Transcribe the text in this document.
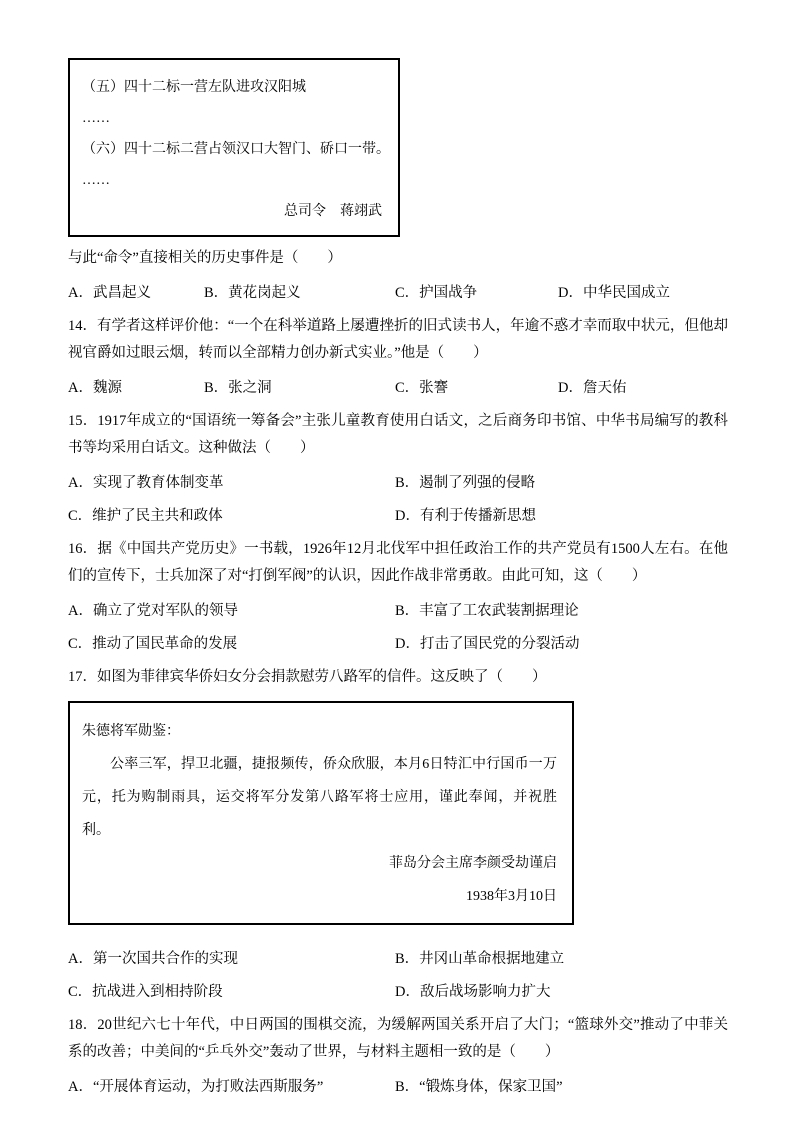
（五）四十二标一营左队进攻汉阳城

……

（六）四十二标二营占领汉口大智门、硚口一带。

……

总司令　蒋翊武

与此“命令”直接相关的历史事件是（　　）

A．武昌起义	B．黄花岗起义	C．护国战争	D．中华民国成立

14．有学者这样评价他：“一个在科举道路上屡遭挫折的旧式读书人，年逾不惑才幸而取中状元，但他却视官爵如过眼云烟，转而以全部精力创办新式实业。”他是（　　）

A．魏源	B．张之洞	C．张謇	D．詹天佑

15．1917年成立的“国语统一筹备会”主张儿童教育使用白话文，之后商务印书馆、中华书局编写的教科书等均采用白话文。这种做法（　　）

A．实现了教育体制变革	B．遏制了列强的侵略
C．维护了民主共和政体	D．有利于传播新思想

16．据《中国共产党历史》一书载，1926年12月北伐军中担任政治工作的共产党员有1500人左右。在他们的宣传下，士兵加深了对“打倒军阀”的认识，因此作战非常勇敢。由此可知，这（　　）

A．确立了党对军队的领导	B．丰富了工农武装割据理论
C．推动了国民革命的发展	D．打击了国民党的分裂活动

17．如图为菲律宾华侨妇女分会捐款慰劳八路军的信件。这反映了（　　）

朱德将军勋鉴：

公率三军，捍卫北疆，捷报频传，侨众欣服，本月6日特汇中行国币一万元，托为购制雨具，运交将军分发第八路军将士应用，谨此奉闻，并祝胜利。

菲岛分会主席李颜受劫谨启

1938年3月10日

A．第一次国共合作的实现	B．井冈山革命根据地建立
C．抗战进入到相持阶段	D．敌后战场影响力扩大

18．20世纪六七十年代，中日两国的围棋交流，为缓解两国关系开启了大门；“篮球外交”推动了中菲关系的改善；中美间的“乒乓外交”轰动了世界，与材料主题相一致的是（　　）

A．“开展体育运动，为打败法西斯服务”	B．“锻炼身体，保家卫国”
